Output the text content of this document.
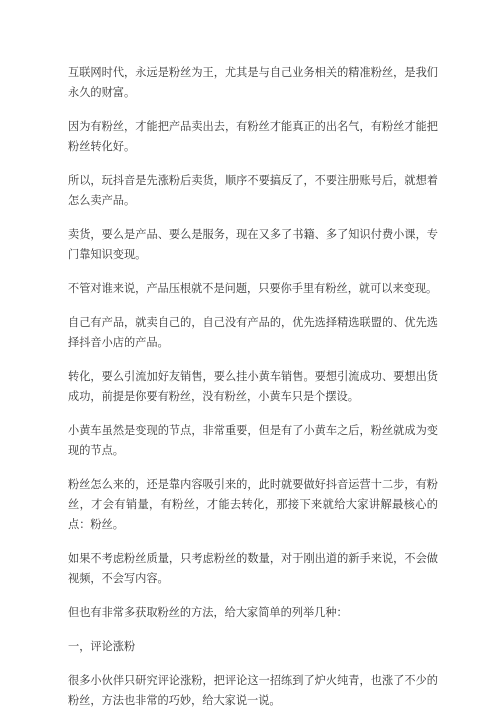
互联网时代，永远是粉丝为王，尤其是与自己业务相关的精准粉丝，是我们永久的财富。

因为有粉丝，才能把产品卖出去，有粉丝才能真正的出名气，有粉丝才能把粉丝转化好。

所以，玩抖音是先涨粉后卖货，顺序不要搞反了，不要注册账号后，就想着怎么卖产品。

卖货，要么是产品、要么是服务，现在又多了书籍、多了知识付费小课，专门靠知识变现。

不管对谁来说，产品压根就不是问题，只要你手里有粉丝，就可以来变现。

自己有产品，就卖自己的，自己没有产品的，优先选择精选联盟的、优先选择抖音小店的产品。

转化，要么引流加好友销售，要么挂小黄车销售。要想引流成功、要想出货成功，前提是你要有粉丝，没有粉丝，小黄车只是个摆设。

小黄车虽然是变现的节点，非常重要，但是有了小黄车之后，粉丝就成为变现的节点。

粉丝怎么来的，还是靠内容吸引来的，此时就要做好抖音运营十二步，有粉丝，才会有销量，有粉丝，才能去转化，那接下来就给大家讲解最核心的点：粉丝。

如果不考虑粉丝质量，只考虑粉丝的数量，对于刚出道的新手来说，不会做视频，不会写内容。

但也有非常多获取粉丝的方法，给大家简单的列举几种：

一，评论涨粉

很多小伙伴只研究评论涨粉，把评论这一招练到了炉火纯青，也涨了不少的粉丝，方法也非常的巧妙，给大家说一说。
